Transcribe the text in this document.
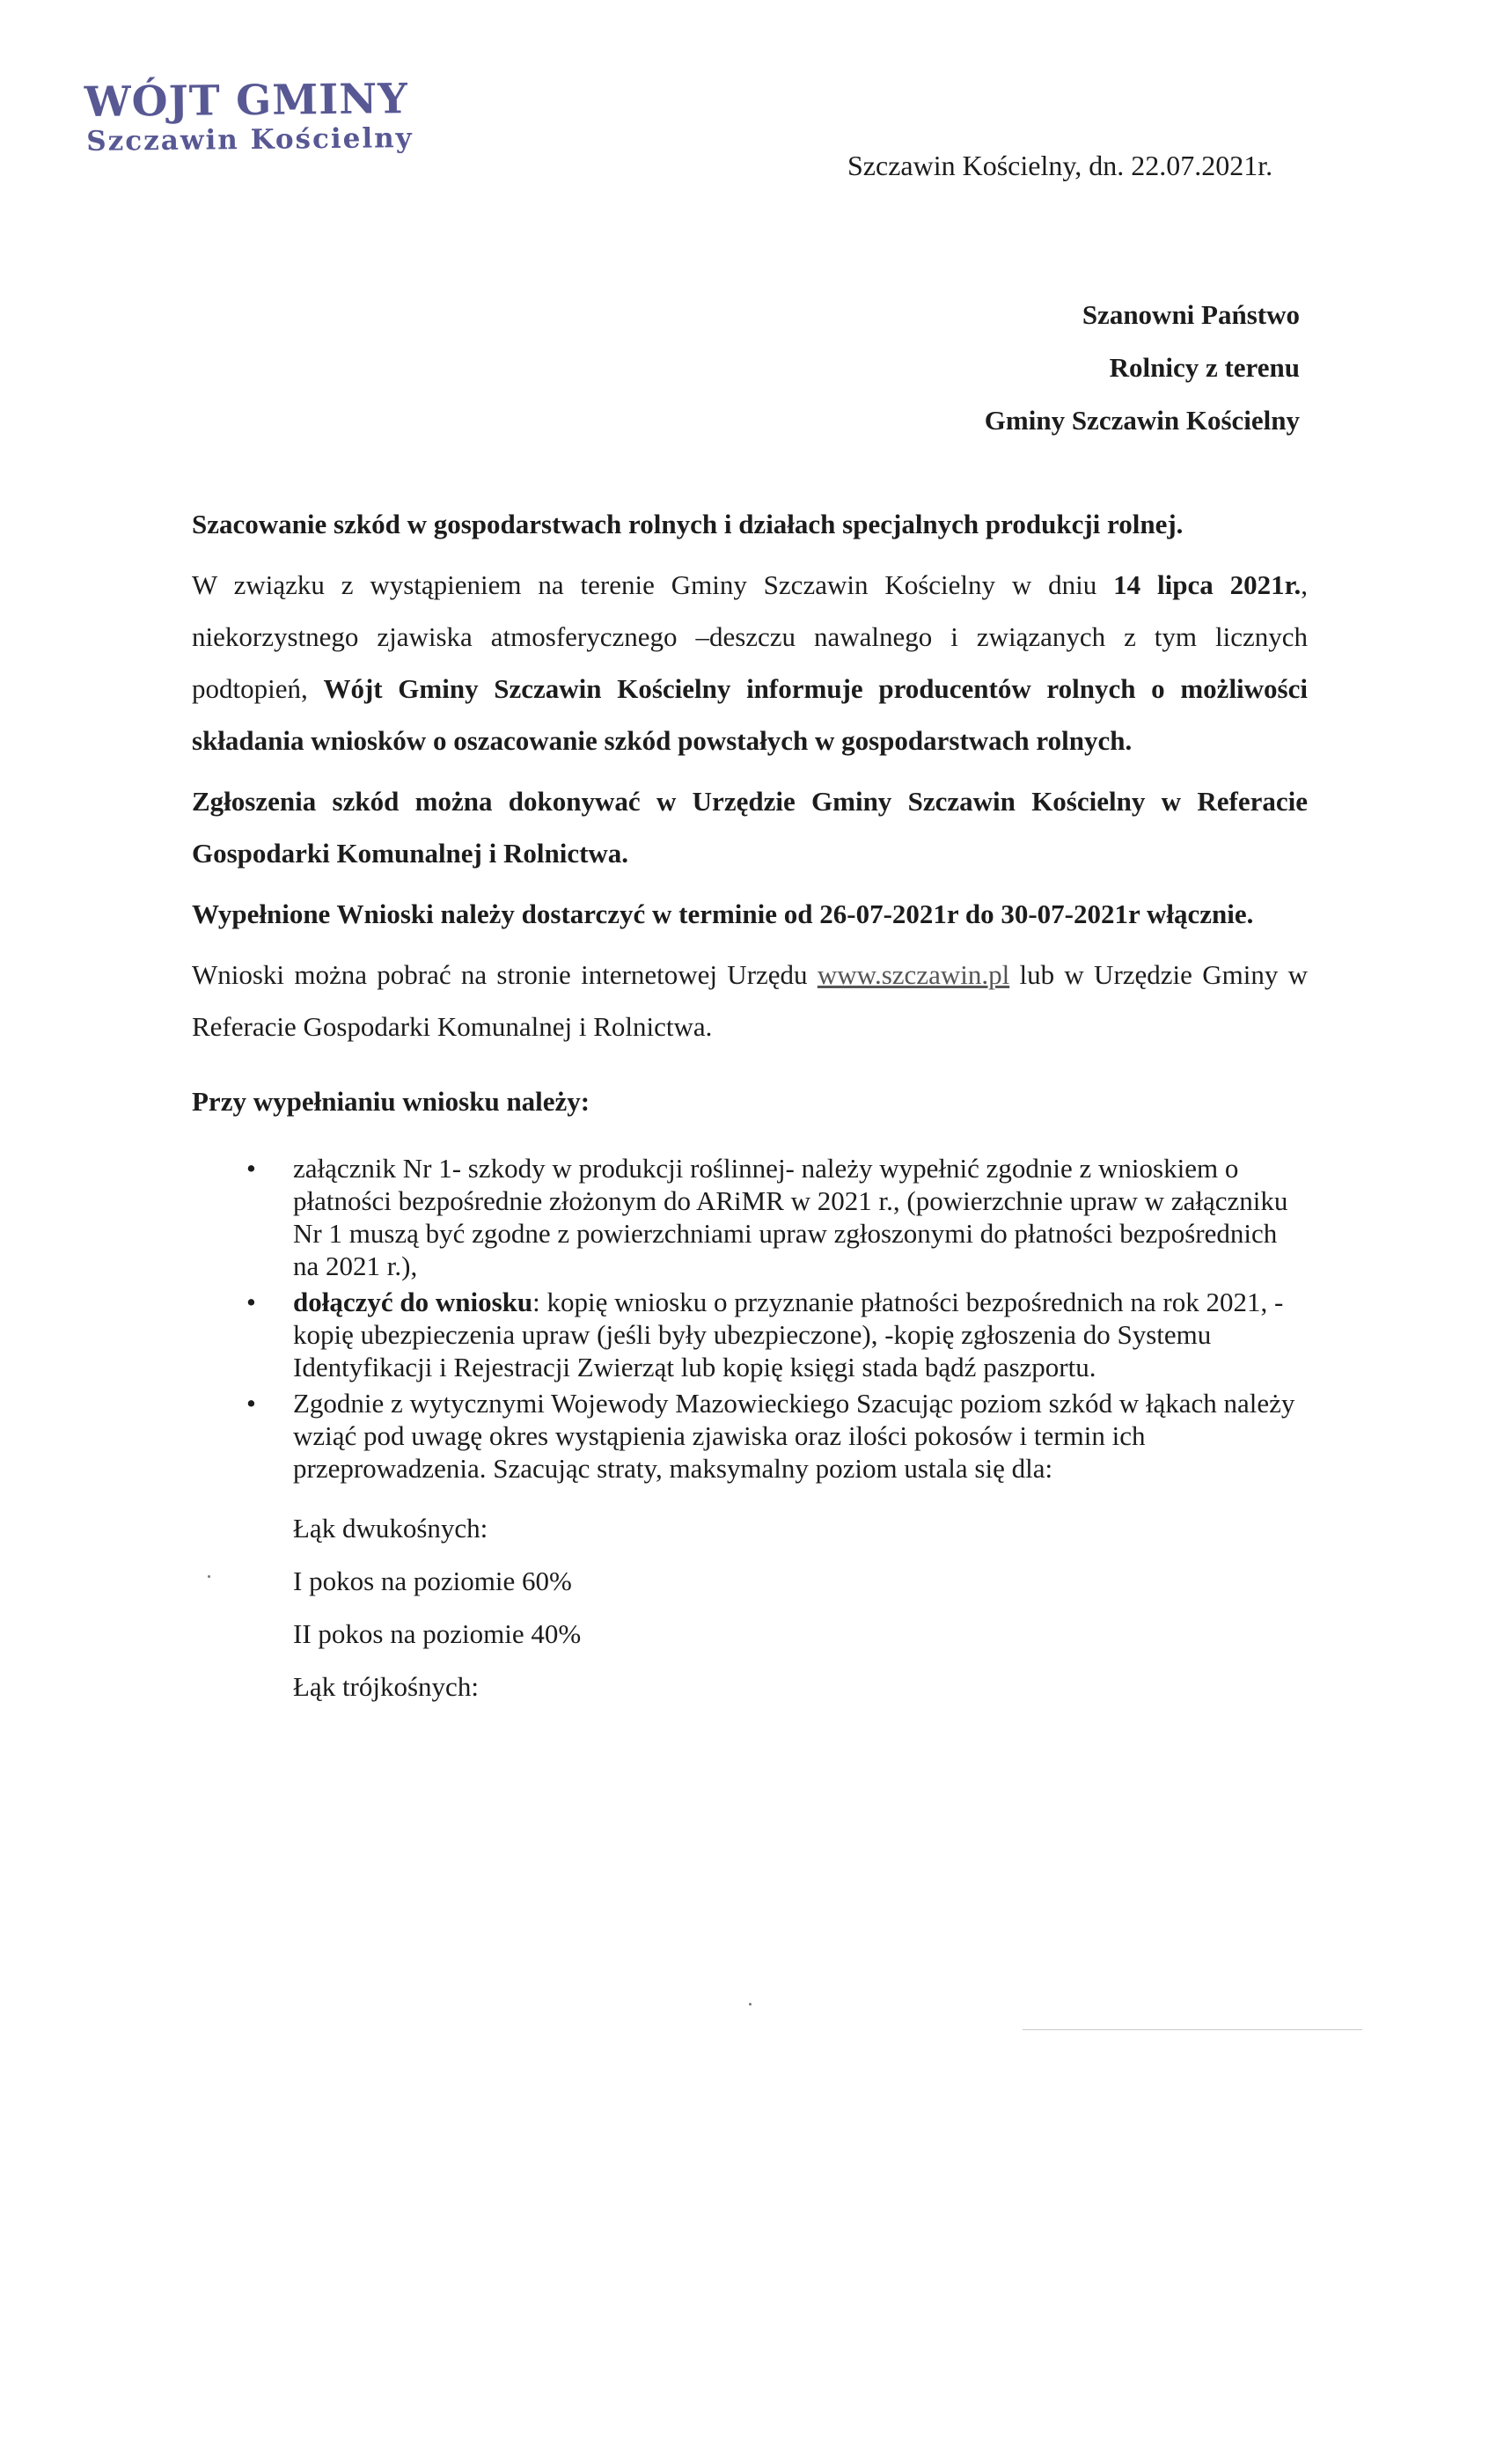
WÓJT GMINY
Szczawin Kościelny
Szczawin Kościelny, dn. 22.07.2021r.
Szanowni Państwo
Rolnicy z terenu
Gminy Szczawin Kościelny

Szacowanie szkód w gospodarstwach rolnych i działach specjalnych produkcji rolnej.

W związku z wystąpieniem na terenie Gminy Szczawin Kościelny w dniu 14 lipca 2021r., niekorzystnego zjawiska atmosferycznego –deszczu nawalnego i związanych z tym licznych podtopień, Wójt Gminy Szczawin Kościelny informuje producentów rolnych o możliwości składania wniosków o oszacowanie szkód powstałych w gospodarstwach rolnych.

Zgłoszenia szkód można dokonywać w Urzędzie Gminy Szczawin Kościelny w Referacie Gospodarki Komunalnej i Rolnictwa.

Wypełnione Wnioski należy dostarczyć w terminie od 26-07-2021r do 30-07-2021r włącznie.

Wnioski można pobrać na stronie internetowej Urzędu www.szczawin.pl lub w Urzędzie Gminy w Referacie Gospodarki Komunalnej i Rolnictwa.

Przy wypełnianiu wniosku należy:

• załącznik Nr 1- szkody w produkcji roślinnej- należy wypełnić zgodnie z wnioskiem o płatności bezpośrednie złożonym do ARiMR w 2021 r., (powierzchnie upraw w załączniku Nr 1 muszą być zgodne z powierzchniami upraw zgłoszonymi do płatności bezpośrednich na 2021 r.),
• dołączyć do wniosku: kopię wniosku o przyznanie płatności bezpośrednich na rok 2021, -kopię ubezpieczenia upraw (jeśli były ubezpieczone), -kopię zgłoszenia do Systemu Identyfikacji i Rejestracji Zwierząt lub kopię księgi stada bądź paszportu.
• Zgodnie z wytycznymi Wojewody Mazowieckiego Szacując poziom szkód w łąkach należy wziąć pod uwagę okres wystąpienia zjawiska oraz ilości pokosów i termin ich przeprowadzenia. Szacując straty, maksymalny poziom ustala się dla:
Łąk dwukośnych:
I pokos na poziomie 60%
II pokos na poziomie 40%
Łąk trójkośnych:
